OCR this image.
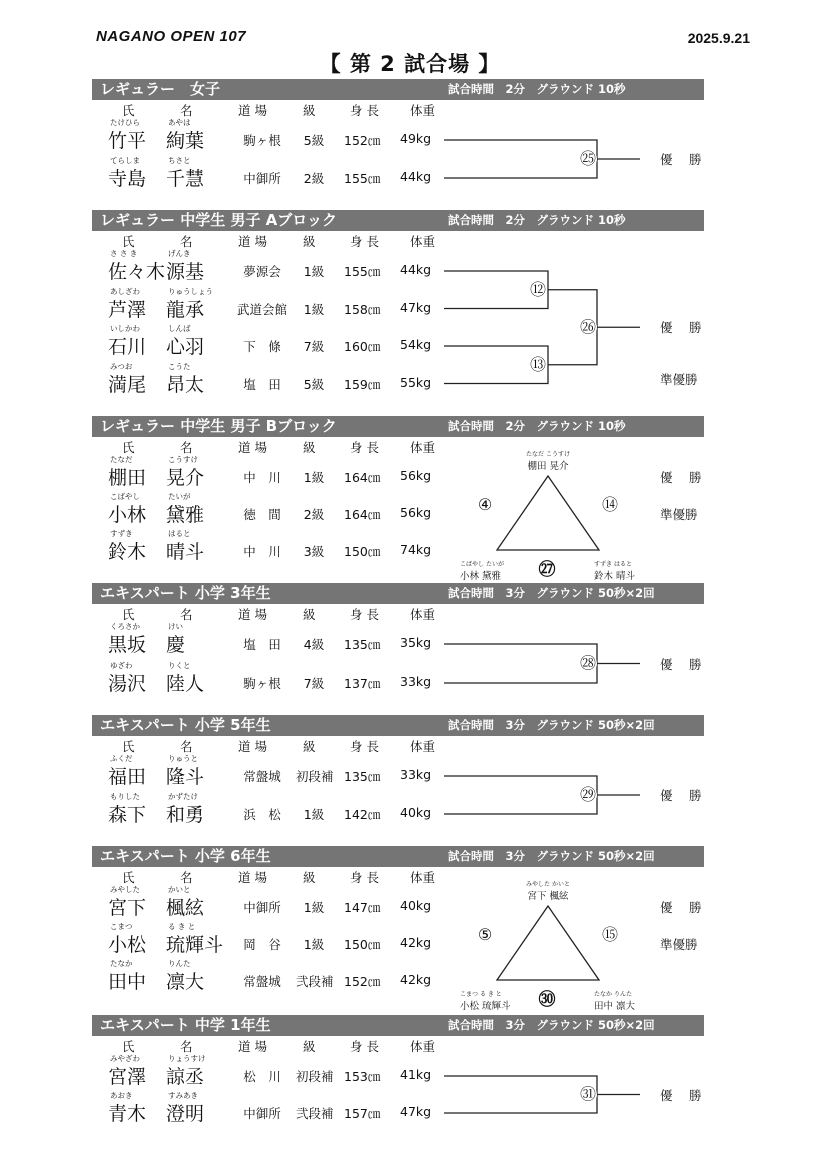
NAGANO OPEN 107	2025.9.21
【 第 2 試合場 】
レギュラー　女子	試合時間　2分　グラウンド 10秒
氏	名	道 場	級	身 長 体重
たけひら	あやは
竹平 絢葉	駒ヶ根	5級	152㎝ 49kg
てらしま	ちさと
寺島 千慧	中御所	2級	155㎝ 44kg
優　勝
㉕
レギュラー 中学生 男子 Aブロック	試合時間　2分　グラウンド 10秒
氏	名	道 場	級	身 長 体重
さ さ き	げんき
佐々木 源基	夢源会	1級	155㎝ 44kg
あしざわ	りゅうしょう
芦澤 龍承	武道会館	1級	158㎝ 47kg
いしかわ	しんば
石川 心羽	下　條	7級	160㎝ 54kg
みつお	こうた
満尾 昂太	塩　田	5級	159㎝ 55kg
優　勝
準優勝
⑫
⑬
㉖
レギュラー 中学生 男子 Bブロック	試合時間　2分　グラウンド 10秒
氏	名	道 場	級	身 長 体重
たなだ	こうすけ
棚田 晃介	中　川	1級	164㎝ 56kg
こばやし	たいが
小林 黛雅	徳　間	2級	164㎝ 56kg
すずき	はると
鈴木 晴斗	中　川	3級	150㎝ 74kg
たなだ こうすけ
棚田 晃介
こばやし たいが
小林 黛雅
すずき はると
鈴木 晴斗
優　勝
準優勝
④	⑭
㉗
エキスパート 小学 3年生	試合時間　3分　グラウンド 50秒×2回
氏	名	道 場	級	身 長 体重
くろさか	けい
黒坂 慶	塩　田	4級	135㎝ 35kg
ゆざわ	りくと
湯沢 陸人	駒ヶ根	7級	137㎝ 33kg
優　勝
㉘
エキスパート 小学 5年生	試合時間　3分　グラウンド 50秒×2回
氏	名	道 場	級	身 長 体重
ふくだ	りゅうと
福田 隆斗	常盤城	初段補 135㎝ 33kg
もりした	かずたけ
森下 和勇	浜　松	1級	142㎝ 40kg
優　勝
㉙
エキスパート 小学 6年生	試合時間　3分　グラウンド 50秒×2回
氏	名	道 場	級	身 長 体重
みやした	かいと
宮下 楓絃	中御所	1級	147㎝ 40kg
こまつ	る き と
小松 琉輝斗	岡　谷	1級	150㎝ 42kg
たなか	りんた
田中 凛大	常盤城	弐段補 152㎝ 42kg
みやした かいと
宮下 楓絃
こまつ る き と
小松 琉輝斗
たなか りんた
田中 凛大
優　勝
準優勝
⑤	⑮
㉚
エキスパート 中学 1年生	試合時間　3分　グラウンド 50秒×2回
氏	名	道 場	級	身 長 体重
みやざわ	りょうすけ
宮澤 諒丞	松　川	初段補 153㎝ 41kg
あおき	すみあき
青木 澄明	中御所	弐段補 157㎝ 47kg
優　勝
㉛
